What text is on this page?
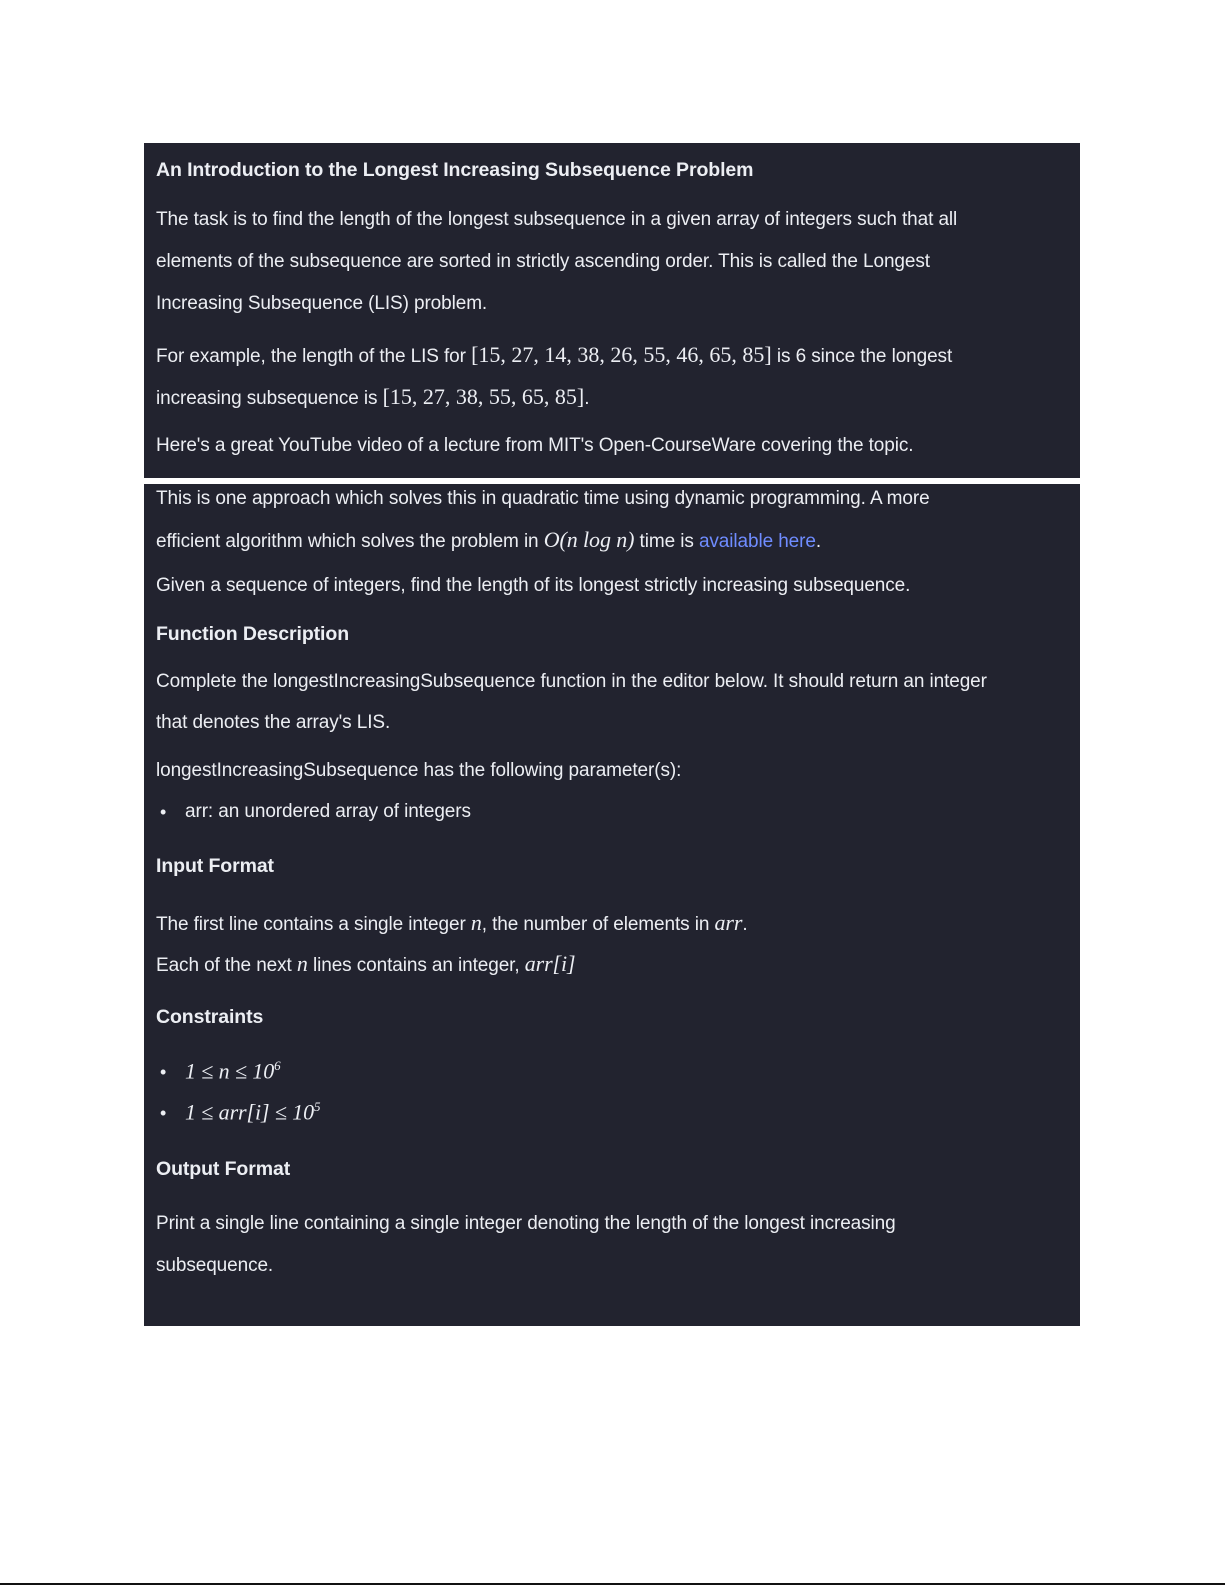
An Introduction to the Longest Increasing Subsequence Problem
The task is to find the length of the longest subsequence in a given array of integers such that all
elements of the subsequence are sorted in strictly ascending order. This is called the Longest
Increasing Subsequence (LIS) problem.
For example, the length of the LIS for [15, 27, 14, 38, 26, 55, 46, 65, 85] is 6 since the longest
increasing subsequence is [15, 27, 38, 55, 65, 85].
Here's a great YouTube video of a lecture from MIT's Open-CourseWare covering the topic.
This is one approach which solves this in quadratic time using dynamic programming. A more
efficient algorithm which solves the problem in O(n log n) time is available here.
Given a sequence of integers, find the length of its longest strictly increasing subsequence.
Function Description
Complete the longestIncreasingSubsequence function in the editor below. It should return an integer
that denotes the array's LIS.
longestIncreasingSubsequence has the following parameter(s):
• arr: an unordered array of integers
Input Format
The first line contains a single integer n, the number of elements in arr.
Each of the next n lines contains an integer, arr[i]
Constraints
• $1 \le n \le 10^6$
• $1 \le arr[i] \le 10^5$
Output Format
Print a single line containing a single integer denoting the length of the longest increasing
subsequence.
